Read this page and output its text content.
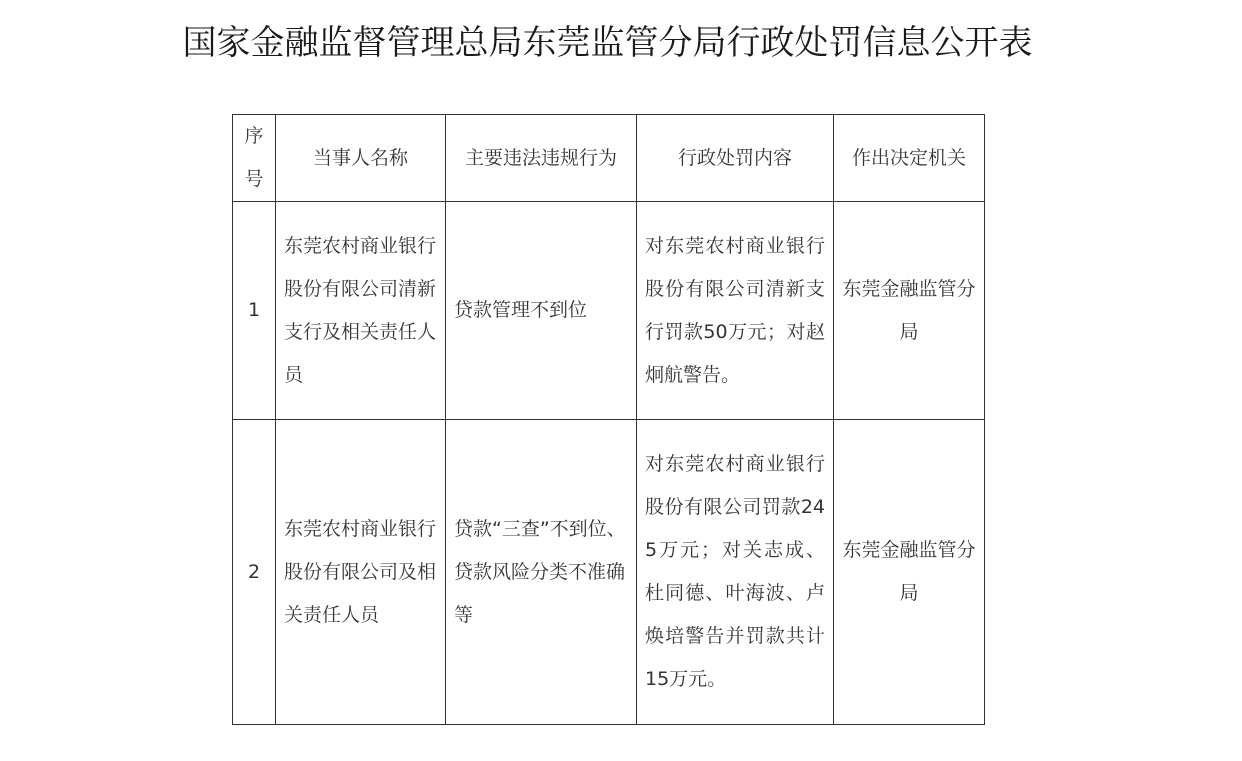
国家金融监督管理总局东莞监管分局行政处罚信息公开表
序号	当事人名称	主要违法违规行为	行政处罚内容	作出决定机关

1	东莞农村商业银行股份有限公司清新支行及相关责任人员	贷款管理不到位	对东莞农村商业银行股份有限公司清新支行罚款50万元；对赵炯航警告。	东莞金融监管分局

2	东莞农村商业银行股份有限公司及相关责任人员	贷款“三查”不到位、贷款风险分类不准确等	对东莞农村商业银行股份有限公司罚款245万元；对关志成、杜同德、叶海波、卢焕培警告并罚款共计15万元。	东莞金融监管分局
